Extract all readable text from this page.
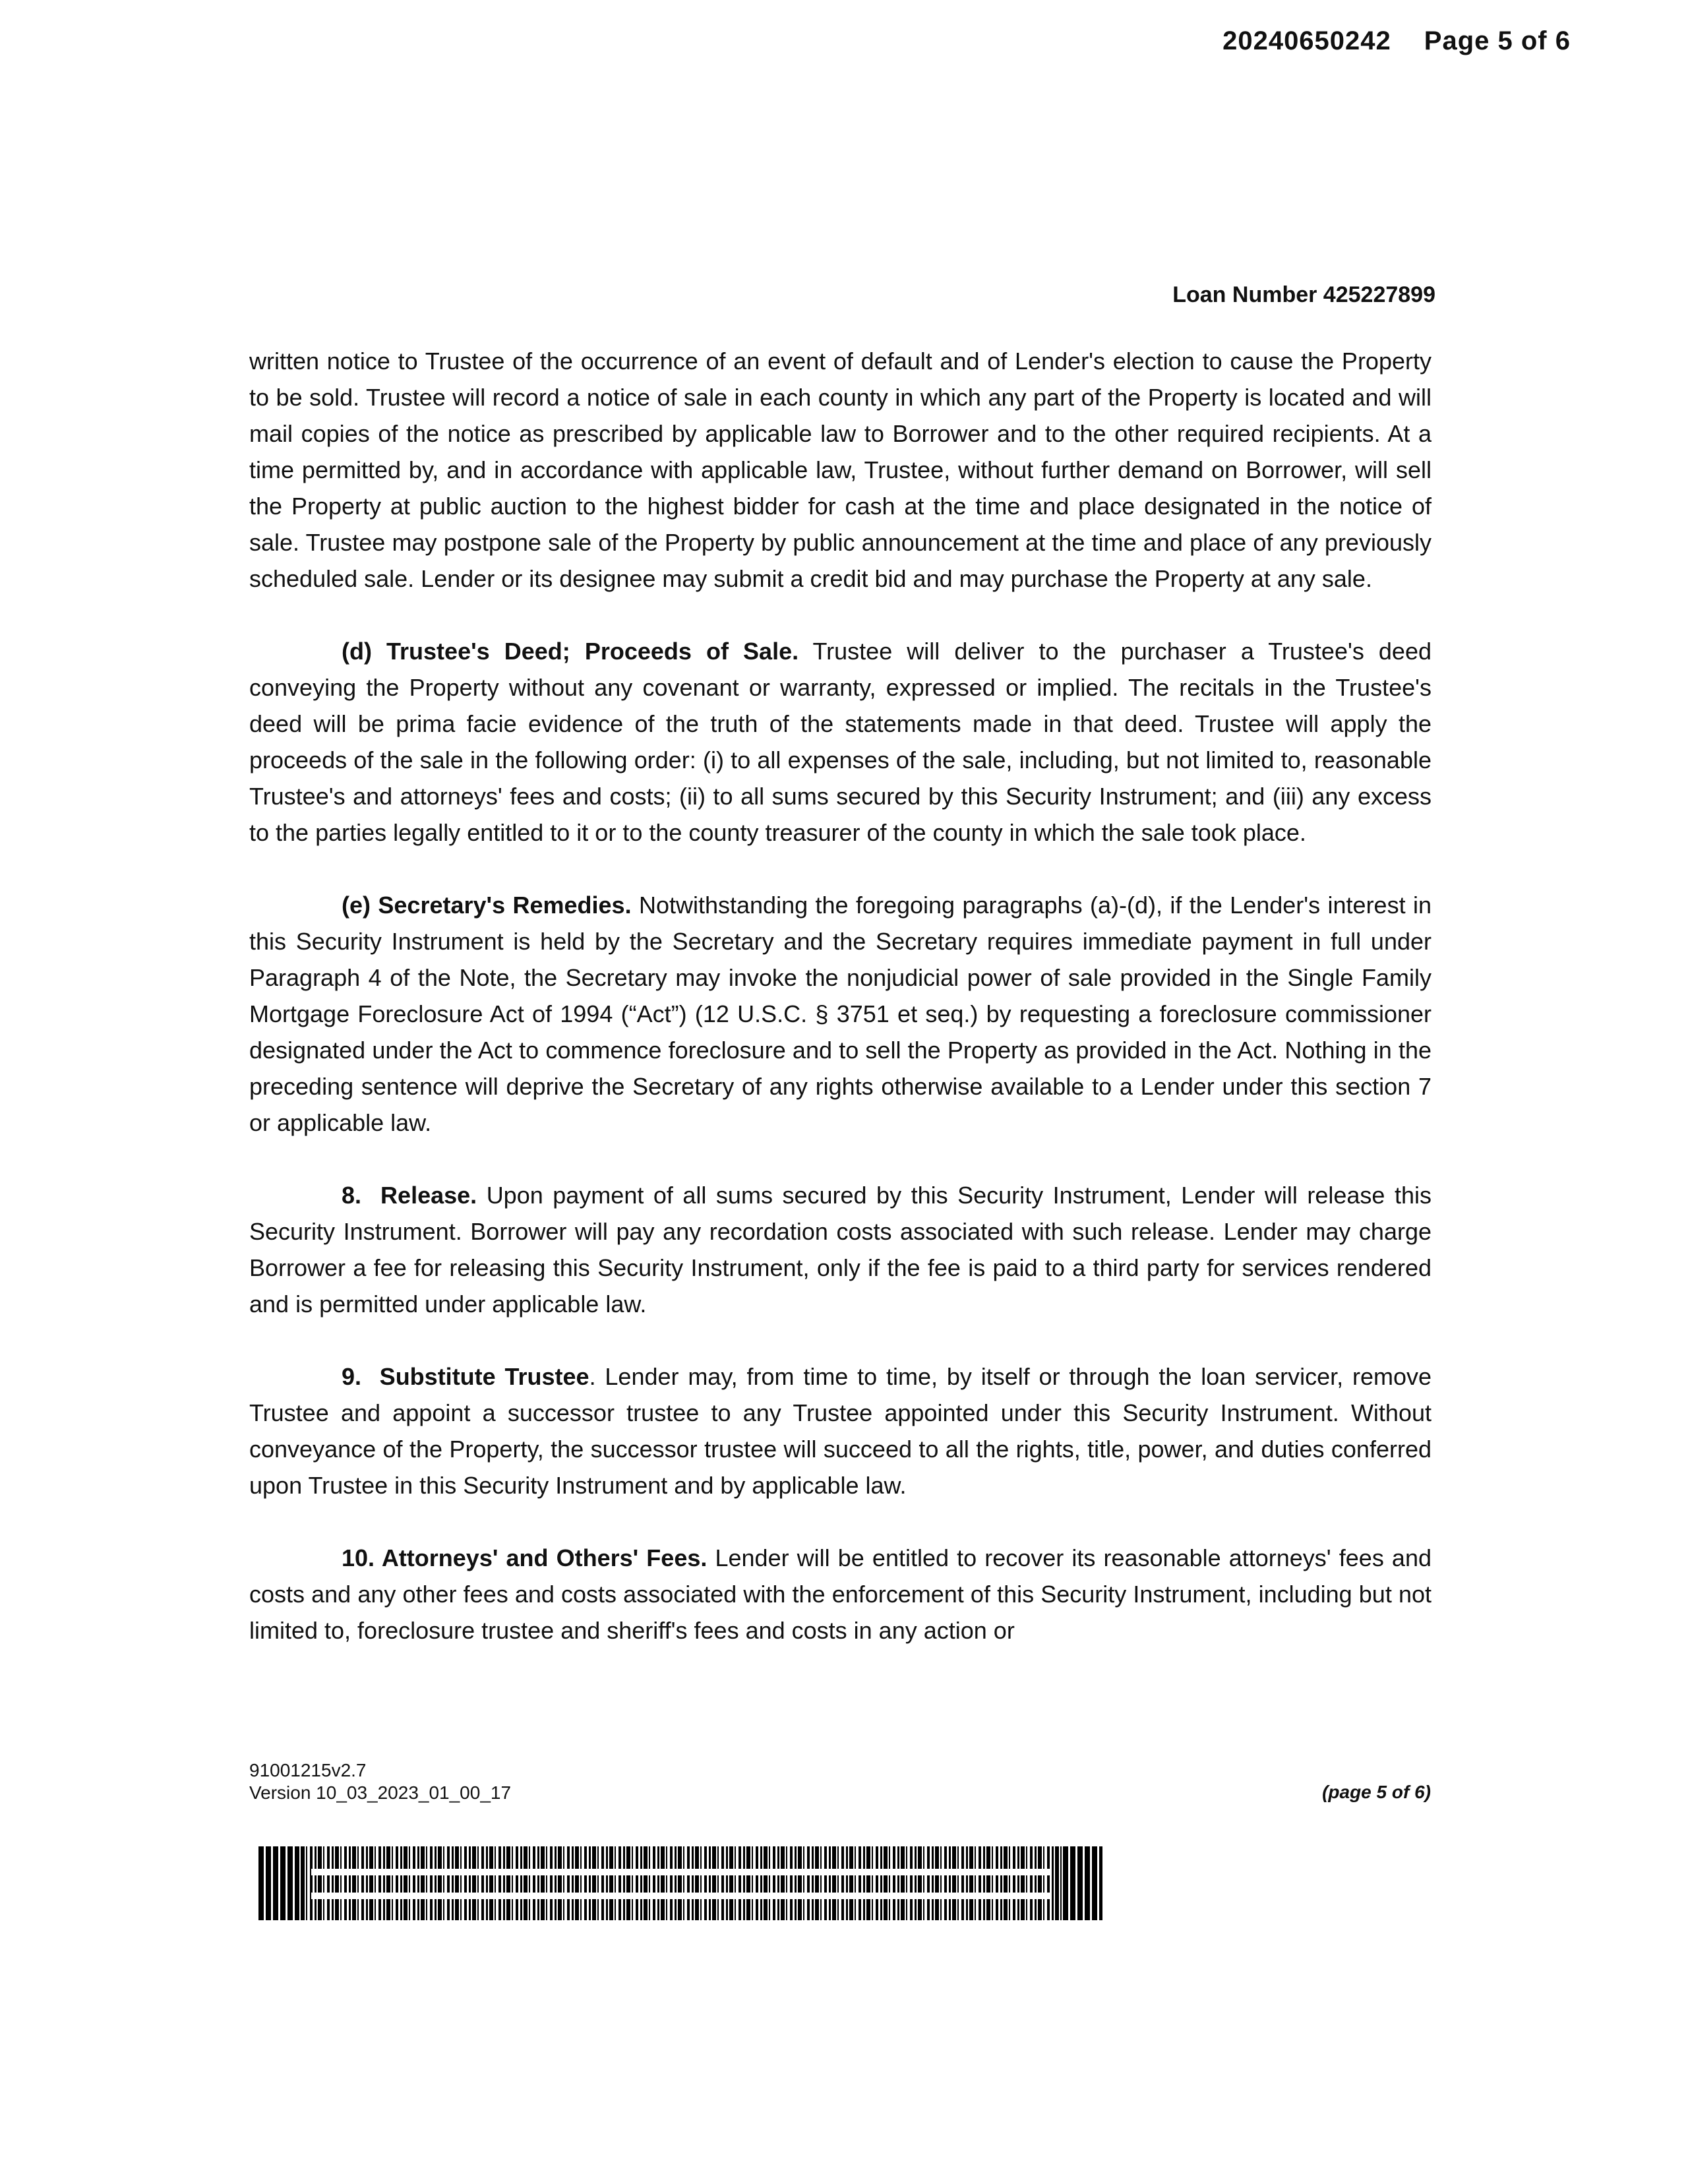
20240650242 Page 5 of 6
Loan Number 425227899

written notice to Trustee of the occurrence of an event of default and of Lender's election to cause the Property to be sold. Trustee will record a notice of sale in each county in which any part of the Property is located and will mail copies of the notice as prescribed by applicable law to Borrower and to the other required recipients. At a time permitted by, and in accordance with applicable law, Trustee, without further demand on Borrower, will sell the Property at public auction to the highest bidder for cash at the time and place designated in the notice of sale. Trustee may postpone sale of the Property by public announcement at the time and place of any previously scheduled sale. Lender or its designee may submit a credit bid and may purchase the Property at any sale.

(d) Trustee's Deed; Proceeds of Sale. Trustee will deliver to the purchaser a Trustee's deed conveying the Property without any covenant or warranty, expressed or implied. The recitals in the Trustee's deed will be prima facie evidence of the truth of the statements made in that deed. Trustee will apply the proceeds of the sale in the following order: (i) to all expenses of the sale, including, but not limited to, reasonable Trustee's and attorneys' fees and costs; (ii) to all sums secured by this Security Instrument; and (iii) any excess to the parties legally entitled to it or to the county treasurer of the county in which the sale took place.

(e) Secretary's Remedies. Notwithstanding the foregoing paragraphs (a)-(d), if the Lender's interest in this Security Instrument is held by the Secretary and the Secretary requires immediate payment in full under Paragraph 4 of the Note, the Secretary may invoke the nonjudicial power of sale provided in the Single Family Mortgage Foreclosure Act of 1994 (“Act”) (12 U.S.C. § 3751 et seq.) by requesting a foreclosure commissioner designated under the Act to commence foreclosure and to sell the Property as provided in the Act. Nothing in the preceding sentence will deprive the Secretary of any rights otherwise available to a Lender under this section 7 or applicable law.

8.  Release. Upon payment of all sums secured by this Security Instrument, Lender will release this Security Instrument. Borrower will pay any recordation costs associated with such release. Lender may charge Borrower a fee for releasing this Security Instrument, only if the fee is paid to a third party for services rendered and is permitted under applicable law.

9.  Substitute Trustee. Lender may, from time to time, by itself or through the loan servicer, remove Trustee and appoint a successor trustee to any Trustee appointed under this Security Instrument. Without conveyance of the Property, the successor trustee will succeed to all the rights, title, power, and duties conferred upon Trustee in this Security Instrument and by applicable law.

10. Attorneys' and Others' Fees. Lender will be entitled to recover its reasonable attorneys' fees and costs and any other fees and costs associated with the enforcement of this Security Instrument, including but not limited to, foreclosure trustee and sheriff's fees and costs in any action or

91001215v2.7
Version 10_03_2023_01_00_17	(page 5 of 6)
